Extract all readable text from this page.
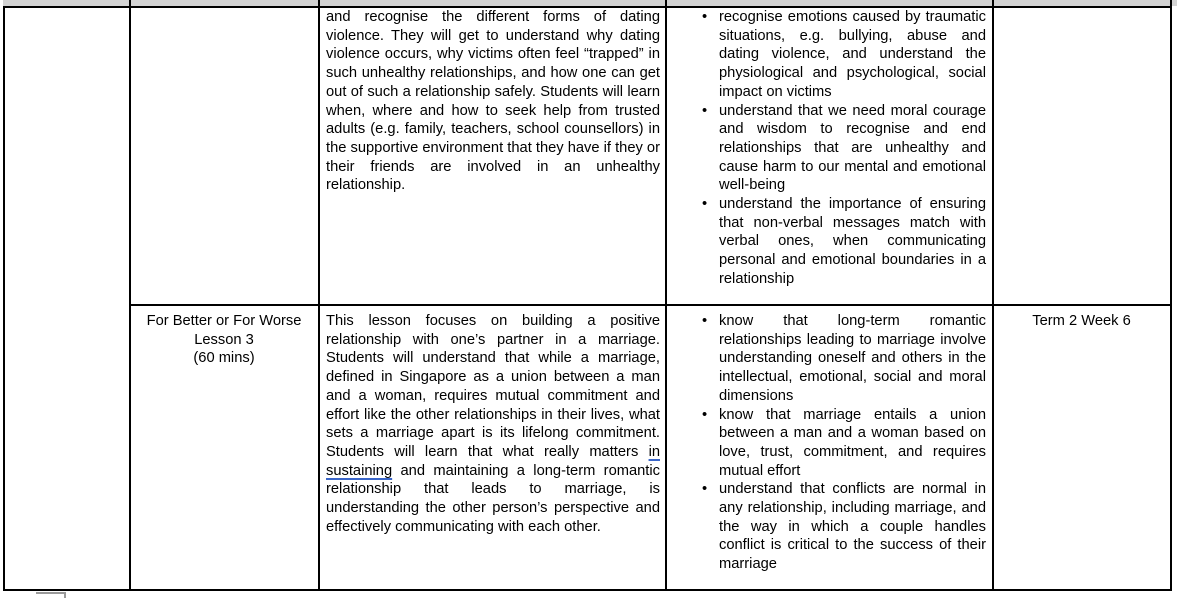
and recognise the different forms of dating violence. They will get to understand why dating violence occurs, why victims often feel “trapped” in such unhealthy relationships, and how one can get out of such a relationship safely. Students will learn when, where and how to seek help from trusted adults (e.g. family, teachers, school counsellors) in the supportive environment that they have if they or their friends are involved in an unhealthy relationship.
• recognise emotions caused by traumatic situations, e.g. bullying, abuse and dating violence, and understand the physiological and psychological, social impact on victims
• understand that we need moral courage and wisdom to recognise and end relationships that are unhealthy and cause harm to our mental and emotional well-being
• understand the importance of ensuring that non-verbal messages match with verbal ones, when communicating personal and emotional boundaries in a relationship
For Better or For Worse
Lesson 3
(60 mins)
This lesson focuses on building a positive relationship with one’s partner in a marriage. Students will understand that while a marriage, defined in Singapore as a union between a man and a woman, requires mutual commitment and effort like the other relationships in their lives, what sets a marriage apart is its lifelong commitment. Students will learn that what really matters in sustaining and maintaining a long-term romantic relationship that leads to marriage, is understanding the other person’s perspective and effectively communicating with each other.
• know that long-term romantic relationships leading to marriage involve understanding oneself and others in the intellectual, emotional, social and moral dimensions
• know that marriage entails a union between a man and a woman based on love, trust, commitment, and requires mutual effort
• understand that conflicts are normal in any relationship, including marriage, and the way in which a couple handles conflict is critical to the success of their marriage
Term 2 Week 6
